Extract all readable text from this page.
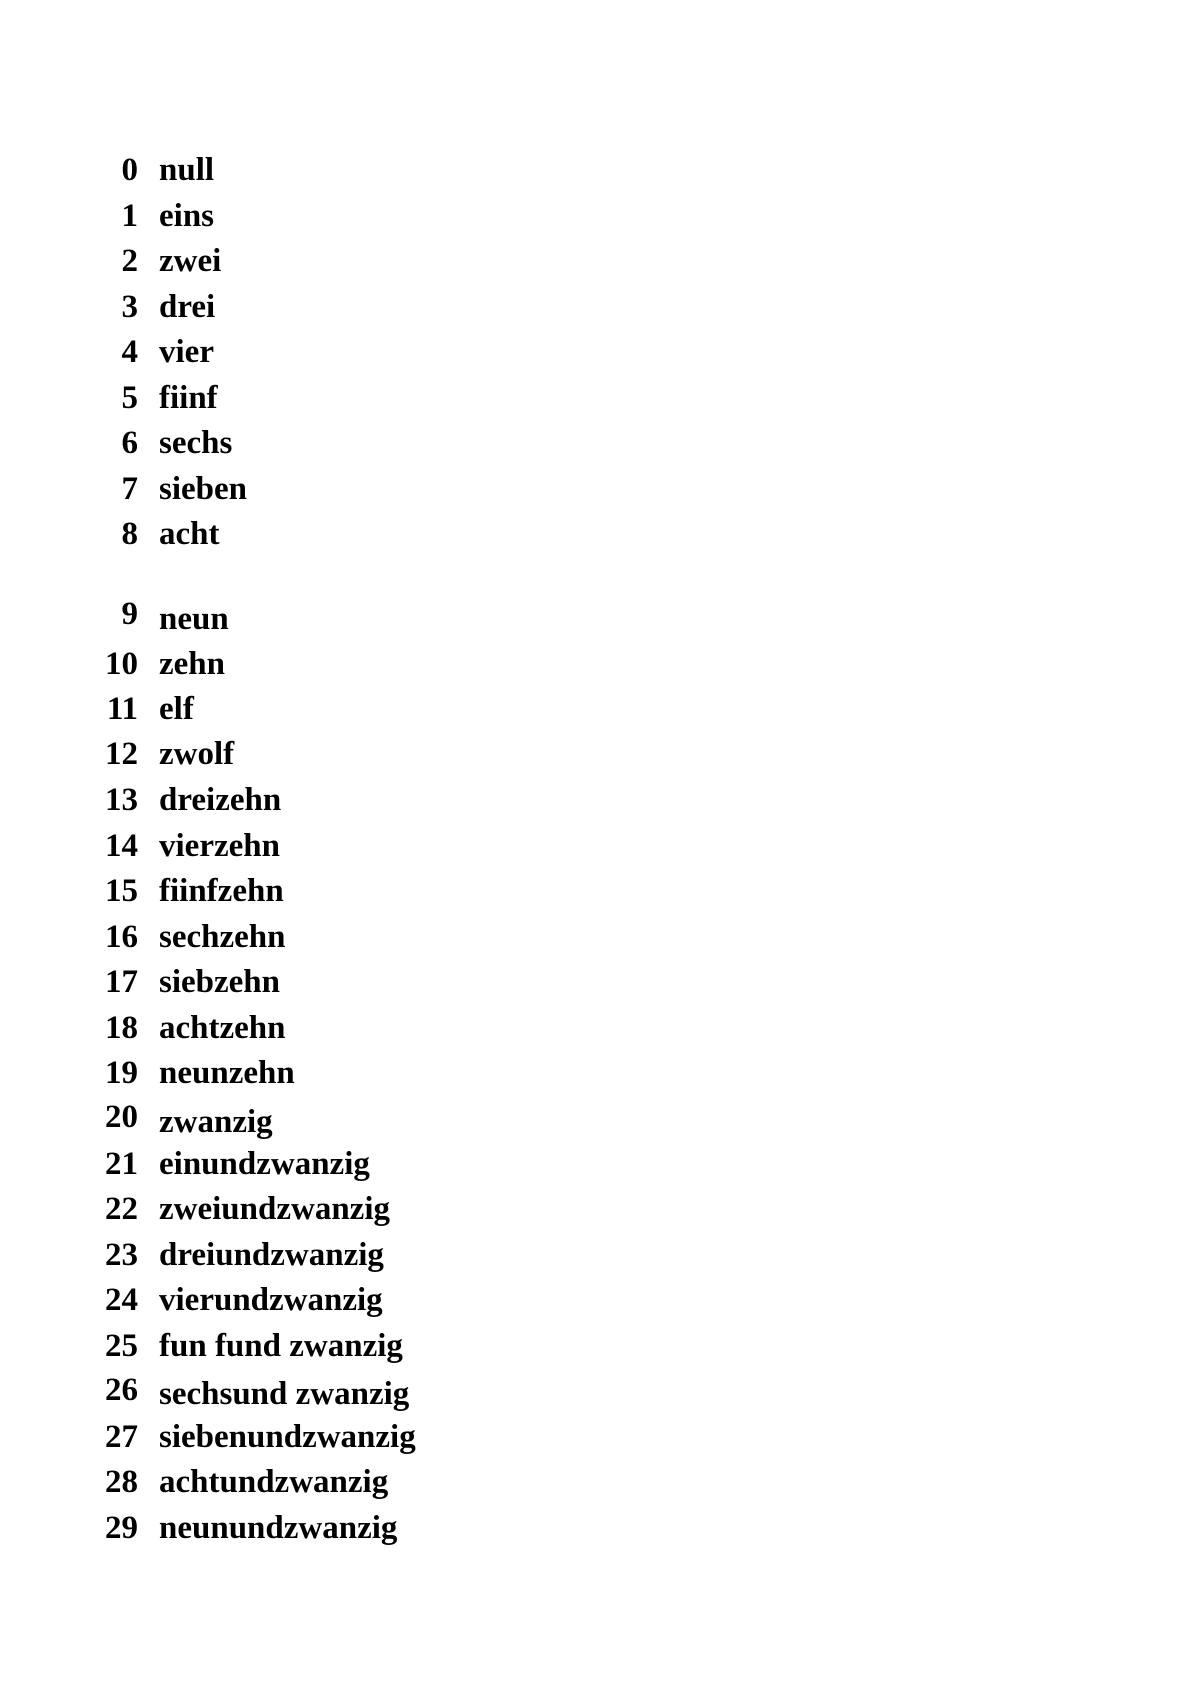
0 null
1 eins
2 zwei
3 drei
4 vier
5 fiinf
6 sechs
7 sieben
8 acht
9 neun
10 zehn
11 elf
12 zwolf
13 dreizehn
14 vierzehn
15 fiinfzehn
16 sechzehn
17 siebzehn
18 achtzehn
19 neunzehn
20 zwanzig
21 einundzwanzig
22 zweiundzwanzig
23 dreiundzwanzig
24 vierundzwanzig
25 fun fund zwanzig
26 sechsund zwanzig
27 siebenundzwanzig
28 achtundzwanzig
29 neunundzwanzig
